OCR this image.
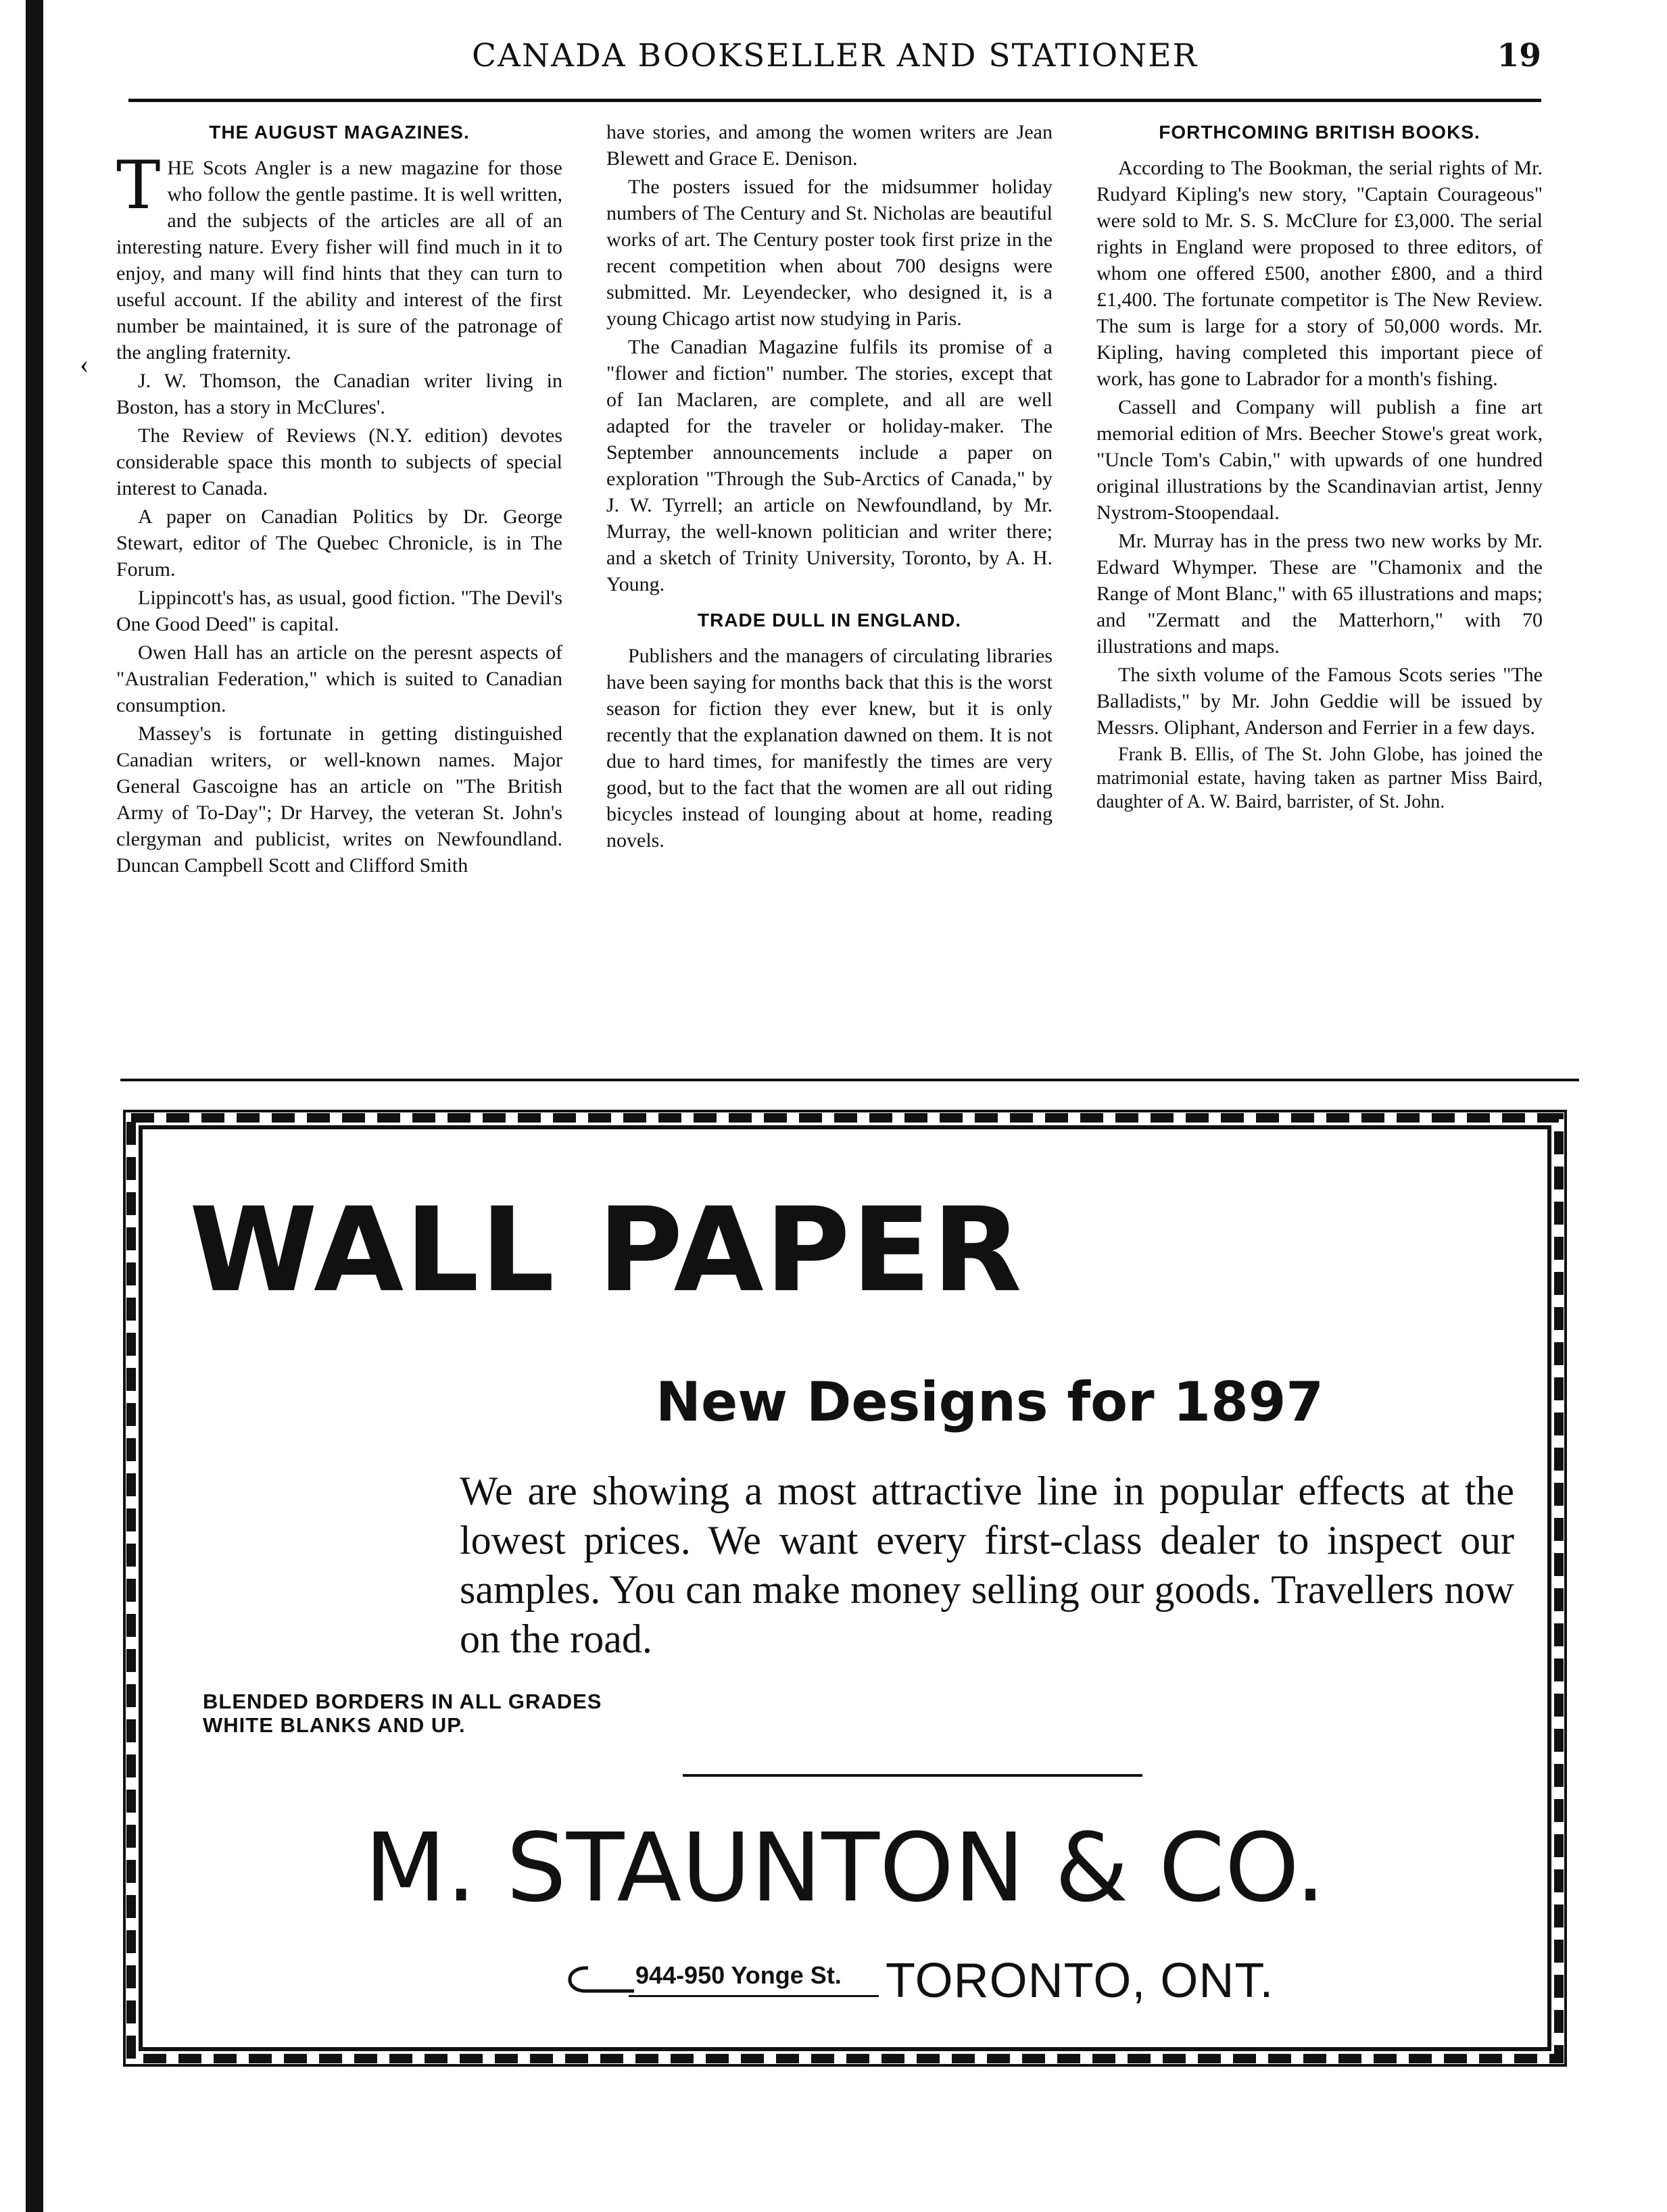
‹
CANADA BOOKSELLER AND STATIONER	19
THE AUGUST MAGAZINES.

THE Scots Angler is a new magazine for those who follow the gentle pastime. It is well written, and the subjects of the articles are all of an interesting nature. Every fisher will find much in it to enjoy, and many will find hints that they can turn to useful account. If the ability and interest of the first number be maintained, it is sure of the patronage of the angling fraternity.

J. W. Thomson, the Canadian writer living in Boston, has a story in McClures'.

The Review of Reviews (N.Y. edition) devotes considerable space this month to subjects of special interest to Canada.

A paper on Canadian Politics by Dr. George Stewart, editor of The Quebec Chronicle, is in The Forum.

Lippincott's has, as usual, good fiction. "The Devil's One Good Deed" is capital.

Owen Hall has an article on the peresnt aspects of "Australian Federation," which is suited to Canadian consumption.

Massey's is fortunate in getting distinguished Canadian writers, or well-known names. Major General Gascoigne has an article on "The British Army of To-Day"; Dr Harvey, the veteran St. John's clergyman and publicist, writes on Newfoundland. Duncan Campbell Scott and Clifford Smith

have stories, and among the women writers are Jean Blewett and Grace E. Denison.

The posters issued for the midsummer holiday numbers of The Century and St. Nicholas are beautiful works of art. The Century poster took first prize in the recent competition when about 700 designs were submitted. Mr. Leyendecker, who designed it, is a young Chicago artist now studying in Paris.

The Canadian Magazine fulfils its promise of a "flower and fiction" number. The stories, except that of Ian Maclaren, are complete, and all are well adapted for the traveler or holiday-maker. The September announcements include a paper on exploration "Through the Sub-Arctics of Canada," by J. W. Tyrrell; an article on Newfoundland, by Mr. Murray, the well-known politician and writer there; and a sketch of Trinity University, Toronto, by A. H. Young.

TRADE DULL IN ENGLAND.

Publishers and the managers of circulating libraries have been saying for months back that this is the worst season for fiction they ever knew, but it is only recently that the explanation dawned on them. It is not due to hard times, for manifestly the times are very good, but to the fact that the women are all out riding bicycles instead of lounging about at home, reading novels.

FORTHCOMING BRITISH BOOKS.

According to The Bookman, the serial rights of Mr. Rudyard Kipling's new story, "Captain Courageous" were sold to Mr. S. S. McClure for £3,000. The serial rights in England were proposed to three editors, of whom one offered £500, another £800, and a third £1,400. The fortunate competitor is The New Review. The sum is large for a story of 50,000 words. Mr. Kipling, having completed this important piece of work, has gone to Labrador for a month's fishing.

Cassell and Company will publish a fine art memorial edition of Mrs. Beecher Stowe's great work, "Uncle Tom's Cabin," with upwards of one hundred original illustrations by the Scandinavian artist, Jenny Nystrom-Stoopendaal.

Mr. Murray has in the press two new works by Mr. Edward Whymper. These are "Chamonix and the Range of Mont Blanc," with 65 illustrations and maps; and "Zermatt and the Matterhorn," with 70 illustrations and maps.

The sixth volume of the Famous Scots series "The Balladists," by Mr. John Geddie will be issued by Messrs. Oliphant, Anderson and Ferrier in a few days.

Frank B. Ellis, of The St. John Globe, has joined the matrimonial estate, having taken as partner Miss Baird, daughter of A. W. Baird, barrister, of St. John.

WALL PAPER
New Designs for 1897
We are showing a most attractive line in popular effects at the lowest prices. We want every first-class dealer to inspect our samples. You can make money selling our goods. Travellers now on the road.
BLENDED BORDERS IN ALL GRADES
WHITE BLANKS AND UP.
M. STAUNTON & CO.
944-950 Yonge St. TORONTO, ONT.
